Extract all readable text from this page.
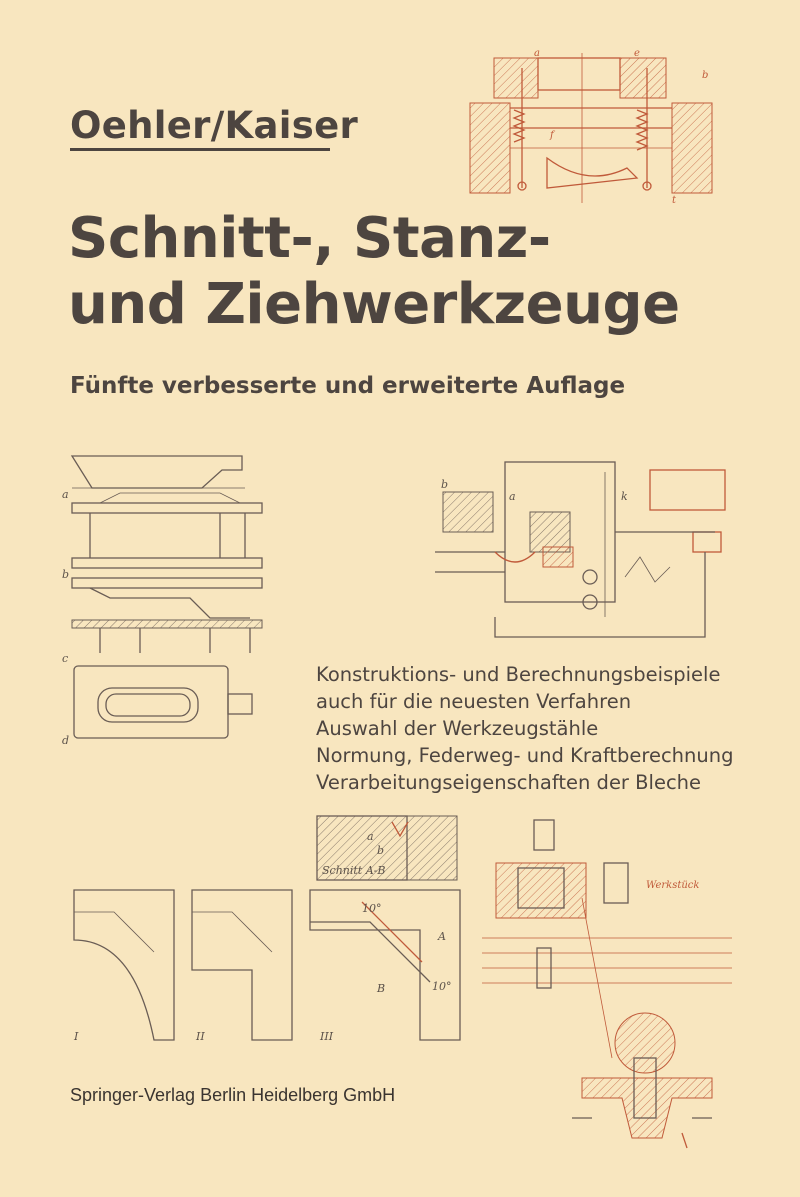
Oehler/Kaiser
Schnitt-, Stanz-
und Ziehwerkzeuge
Fünfte verbesserte und erweiterte Auflage
Konstruktions- und Berechnungsbeispiele
auch für die neuesten Verfahren
Auswahl der Werkzeugstähle
Normung, Federweg- und Kraftberechnung
Verarbeitungseigenschaften der Bleche
Springer-Verlag Berlin Heidelberg GmbH
a	e
b
f
t
a
b
c
d
b
a	k
Schnitt A-B
a
b
10°
10°
A
B
I	II	III
Werkstück
